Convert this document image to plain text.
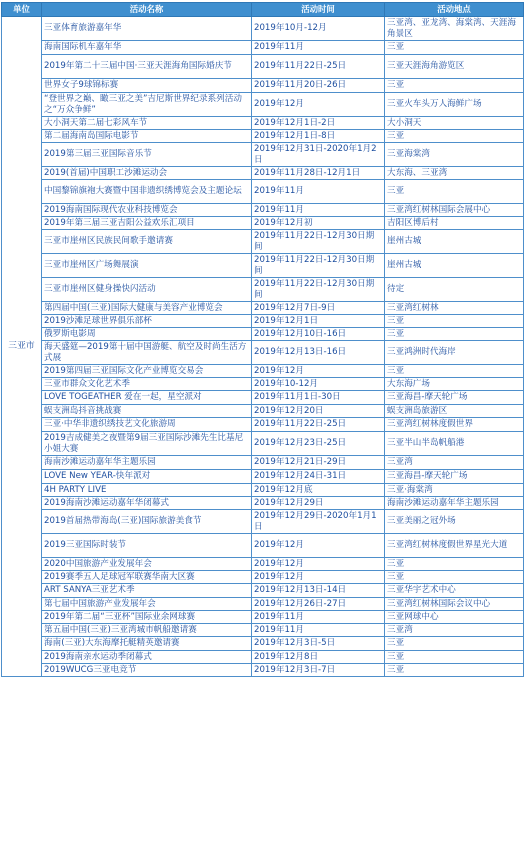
单位	活动名称	活动时间	活动地点
三亚市	三亚体育旅游嘉年华	2019年10月-12月	三亚湾、亚龙湾、海棠湾、天涯海角景区
	海南国际机车嘉年华	2019年11月	三亚
	2019年第二十三届中国·三亚天涯海角国际婚庆节	2019年11月22日-25日	三亚天涯海角游览区
	世界女子9球锦标赛	2019年11月20日-26日	三亚
	“登世界之巅、瞰三亚之美”吉尼斯世界纪录系列活动之“万众争鲜”	2019年12月	三亚火车头万人海鲜广场
	大小洞天第二届七彩风车节	2019年12月1日-2日	大小洞天
	第二届海南岛国际电影节	2019年12月1日-8日	三亚
	2019第三届三亚国际音乐节	2019年12月31日-2020年1月2日	三亚海棠湾
	2019(首届)中国职工沙滩运动会	2019年11月28日-12月1日	大东海、三亚湾
	中国黎锦旗袍大赛暨中国非遗织绣博览会及主题论坛	2019年11月	三亚
	2019海南国际现代农业科技博览会	2019年11月	三亚湾红树林国际会展中心
	2019年第三届三亚吉阳公益欢乐汇项目	2019年12月初	吉阳区博后村
	三亚市崖州区民族民间歌手邀请赛	2019年11月22日-12月30日期间	崖州古城
	三亚市崖州区广场舞展演	2019年11月22日-12月30日期间	崖州古城
	三亚市崖州区健身操快闪活动	2019年11月22日-12月30日期间	待定
	第四届中国(三亚)国际大健康与美容产业博览会	2019年12月7日-9日	三亚湾红树林
	2019沙滩足球世界俱乐部杯	2019年12月1日	三亚
	俄罗斯电影周	2019年12月10日-16日	三亚
	海天盛筵—2019第十届中国游艇、航空及时尚生活方式展	2019年12月13日-16日	三亚鸿洲时代海岸
	2019第四届三亚国际文化产业博览交易会	2019年12月	三亚
	三亚市群众文化艺术季	2019年10-12月	大东海广场
	LOVE TOGEATHER 爱在一起，星空派对	2019年11月1日-30日	三亚海昌-摩天轮广场
	蜈支洲岛抖音挑战赛	2019年12月20日	蜈支洲岛旅游区
	三亚·中华非遗织绣技艺文化旅游周	2019年11月22日-25日	三亚湾红树林度假世界
	2019吉成健美之夜暨第9届三亚国际沙滩先生比基尼小姐大赛	2019年12月23日-25日	三亚半山半岛帆船港
	海南沙滩运动嘉年华主题乐园	2019年12月21日-29日	三亚湾
	LOVE New YEAR-快年派对	2019年12月24日-31日	三亚海昌-摩天轮广场
	4H PARTY LIVE	2019年12月底	三亚·海棠湾
	2019海南沙滩运动嘉年华闭幕式	2019年12月29日	海南沙滩运动嘉年华主题乐园
	2019首届热带海岛(三亚)国际旅游美食节	2019年12月29日-2020年1月1日	三亚美丽之冠外场
	2019三亚国际时装节	2019年12月	三亚湾红树林度假世界星光大道
	2020中国旅游产业发展年会	2019年12月	三亚
	2019赛季五人足球冠军联赛华南大区赛	2019年12月	三亚
	ART SANYA三亚艺术季	2019年12月13日-14日	三亚华宇艺术中心
	第七届中国旅游产业发展年会	2019年12月26日-27日	三亚湾红树林国际会议中心
	2019年第二届“三亚杯”国际业余网球赛	2019年11月	三亚网球中心
	第五届中国(三亚)三亚湾城市帆船邀请赛	2019年11月	三亚湾
	海南(三亚)大东海摩托艇精英邀请赛	2019年12月3日-5日	三亚
	2019海南亲水运动季闭幕式	2019年12月8日	三亚
	2019WUCG三亚电竞节	2019年12月3日-7日	三亚
